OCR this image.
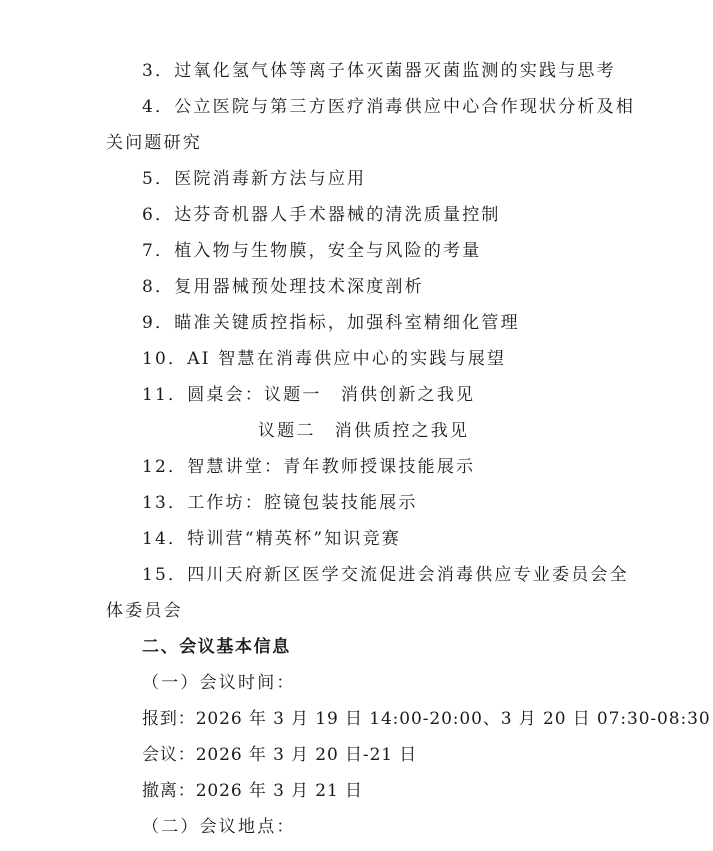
3．过氧化氢气体等离子体灭菌器灭菌监测的实践与思考
4．公立医院与第三方医疗消毒供应中心合作现状分析及相
关问题研究
5．医院消毒新方法与应用
6．达芬奇机器人手术器械的清洗质量控制
7．植入物与生物膜，安全与风险的考量
8．复用器械预处理技术深度剖析
9．瞄准关键质控指标，加强科室精细化管理
10．AI 智慧在消毒供应中心的实践与展望
11．圆桌会：议题一　消供创新之我见
议题二　消供质控之我见
12．智慧讲堂：青年教师授课技能展示
13．工作坊：腔镜包装技能展示
14．特训营“精英杯”知识竞赛
15．四川天府新区医学交流促进会消毒供应专业委员会全
体委员会
二、会议基本信息
（一）会议时间：
报到：2026 年 3 月 19 日 14:00-20:00、3 月 20 日 07:30-08:30
会议：2026 年 3 月 20 日-21 日
撤离：2026 年 3 月 21 日
（二）会议地点：
